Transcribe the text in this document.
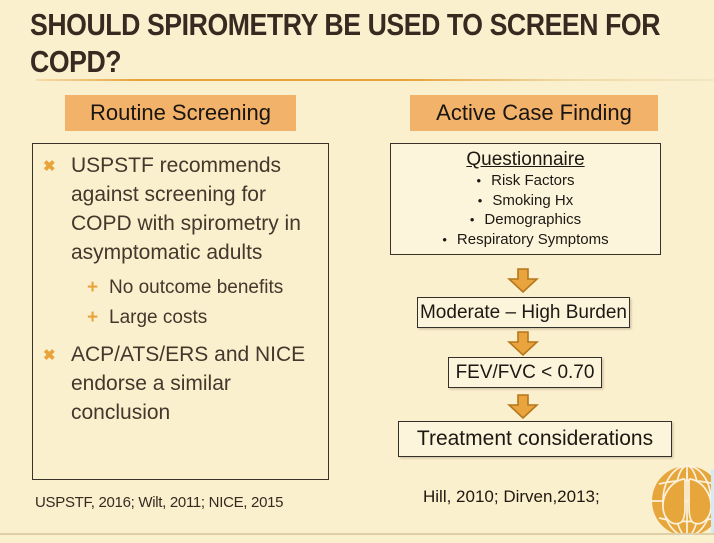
SHOULD SPIROMETRY BE USED TO SCREEN FOR
COPD?
Routine Screening	Active Case Finding
✖ USPSTF recommends against screening for COPD with spirometry in asymptomatic adults
+ No outcome benefits
+ Large costs
✖ ACP/ATS/ERS and NICE endorse a similar conclusion
Questionnaire
• Risk Factors
• Smoking Hx
• Demographics
• Respiratory Symptoms
Moderate – High Burden
FEV/FVC < 0.70
Treatment considerations
USPSTF, 2016; Wilt, 2011; NICE, 2015	Hill, 2010; Dirven,2013;
